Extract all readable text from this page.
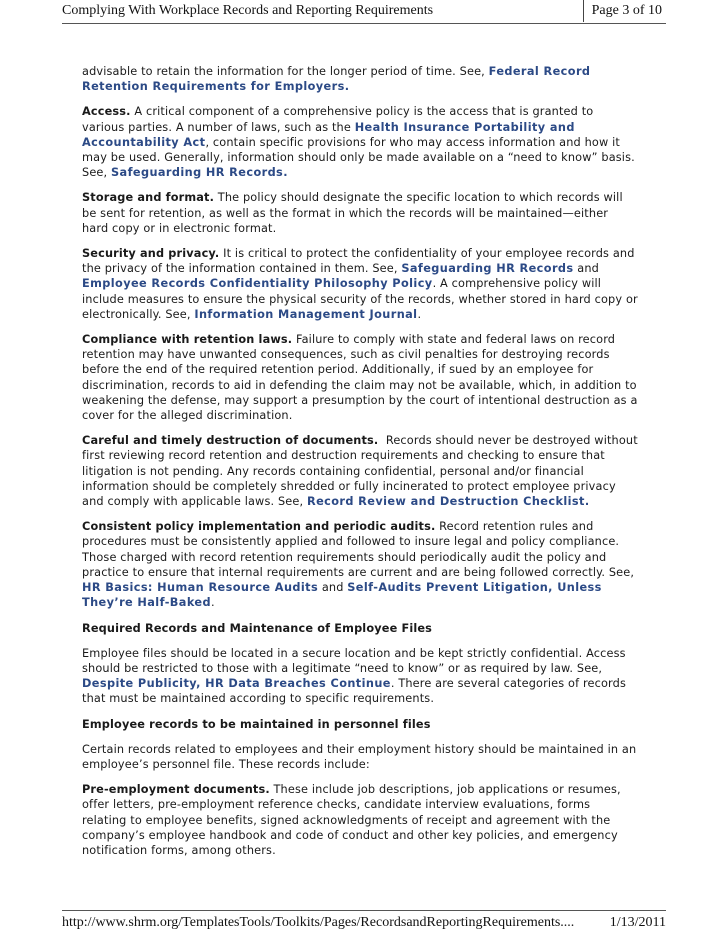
Complying With Workplace Records and Reporting Requirements	Page 3 of 10

advisable to retain the information for the longer period of time. See, Federal Record Retention Requirements for Employers.

Access. A critical component of a comprehensive policy is the access that is granted to various parties. A number of laws, such as the Health Insurance Portability and Accountability Act, contain specific provisions for who may access information and how it may be used. Generally, information should only be made available on a “need to know” basis. See, Safeguarding HR Records.

Storage and format. The policy should designate the specific location to which records will be sent for retention, as well as the format in which the records will be maintained—either hard copy or in electronic format.

Security and privacy. It is critical to protect the confidentiality of your employee records and the privacy of the information contained in them. See, Safeguarding HR Records and Employee Records Confidentiality Philosophy Policy. A comprehensive policy will include measures to ensure the physical security of the records, whether stored in hard copy or electronically. See, Information Management Journal.

Compliance with retention laws. Failure to comply with state and federal laws on record retention may have unwanted consequences, such as civil penalties for destroying records before the end of the required retention period. Additionally, if sued by an employee for discrimination, records to aid in defending the claim may not be available, which, in addition to weakening the defense, may support a presumption by the court of intentional destruction as a cover for the alleged discrimination.

Careful and timely destruction of documents.  Records should never be destroyed without first reviewing record retention and destruction requirements and checking to ensure that litigation is not pending. Any records containing confidential, personal and/or financial information should be completely shredded or fully incinerated to protect employee privacy and comply with applicable laws. See, Record Review and Destruction Checklist.

Consistent policy implementation and periodic audits. Record retention rules and procedures must be consistently applied and followed to insure legal and policy compliance. Those charged with record retention requirements should periodically audit the policy and practice to ensure that internal requirements are current and are being followed correctly. See, HR Basics: Human Resource Audits and Self-Audits Prevent Litigation, Unless They’re Half-Baked.

Required Records and Maintenance of Employee Files

Employee files should be located in a secure location and be kept strictly confidential. Access should be restricted to those with a legitimate “need to know” or as required by law. See, Despite Publicity, HR Data Breaches Continue. There are several categories of records that must be maintained according to specific requirements.

Employee records to be maintained in personnel files

Certain records related to employees and their employment history should be maintained in an employee’s personnel file. These records include:

Pre-employment documents. These include job descriptions, job applications or resumes, offer letters, pre-employment reference checks, candidate interview evaluations, forms relating to employee benefits, signed acknowledgments of receipt and agreement with the company’s employee handbook and code of conduct and other key policies, and emergency notification forms, among others.

http://www.shrm.org/TemplatesTools/Toolkits/Pages/RecordsandReportingRequirements....	1/13/2011
